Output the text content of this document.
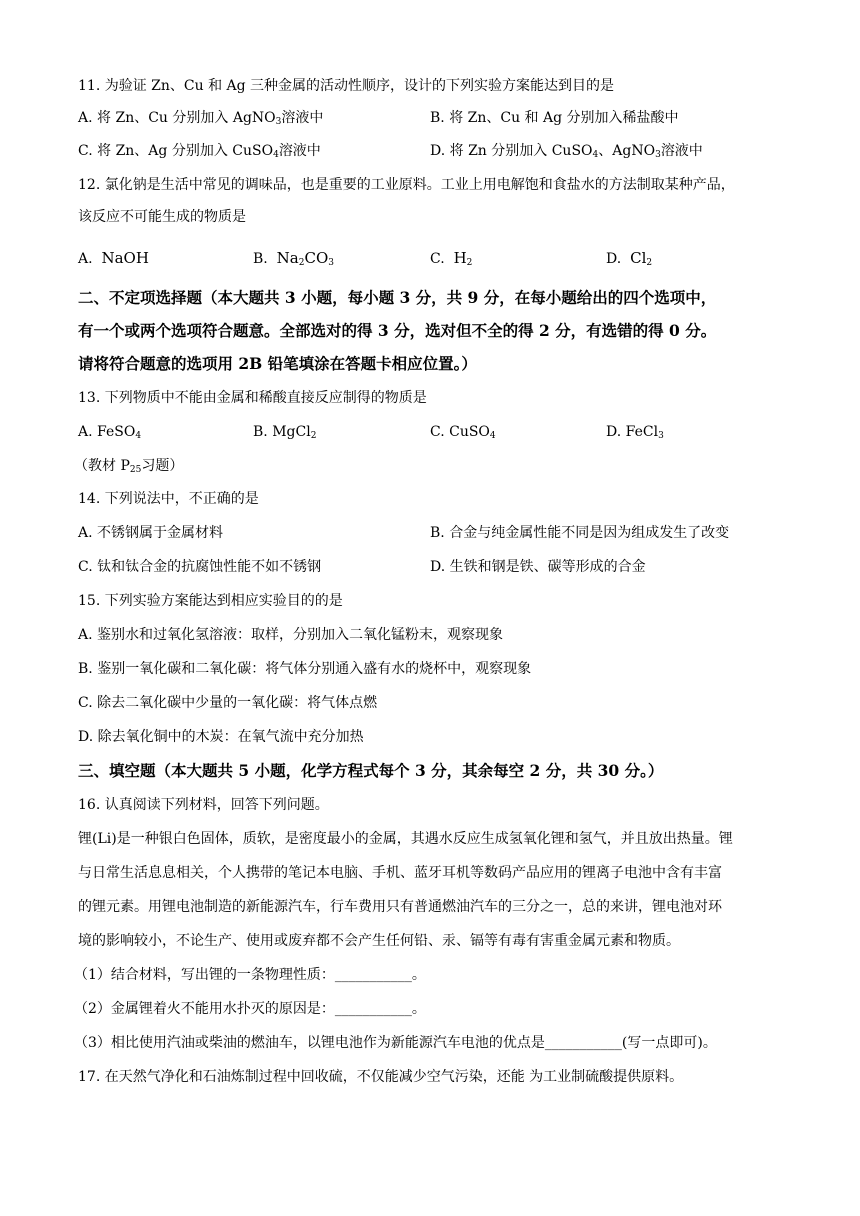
11. 为验证 Zn、Cu 和 Ag 三种金属的活动性顺序，设计的下列实验方案能达到目的是
A. 将 Zn、Cu 分别加入 AgNO$_3$溶液中	B. 将 Zn、Cu 和 Ag 分别加入稀盐酸中
C. 将 Zn、Ag 分别加入 CuSO$_4$溶液中	D. 将 Zn 分别加入 CuSO$_4$、AgNO$_3$溶液中
12. 氯化钠是生活中常见的调味品，也是重要的工业原料。工业上用电解饱和食盐水的方法制取某种产品，
该反应不可能生成的物质是
A. NaOH	B. $Na_2CO_3$	C. $H_2$	D. $Cl_2$
二、不定项选择题（本大题共 3 小题，每小题 3 分，共 9 分，在每小题给出的四个选项中，
有一个或两个选项符合题意。全部选对的得 3 分，选对但不全的得 2 分，有选错的得 0 分。
请将符合题意的选项用 2B 铅笔填涂在答题卡相应位置。）
13. 下列物质中不能由金属和稀酸直接反应制得的物质是
A. FeSO$_4$	B. MgCl$_2$	C. CuSO$_4$	D. FeCl$_3$
（教材 $P_{25}$习题）
14. 下列说法中，不正确的是
A. 不锈钢属于金属材料	B. 合金与纯金属性能不同是因为组成发生了改变
C. 钛和钛合金的抗腐蚀性能不如不锈钢	D. 生铁和钢是铁、碳等形成的合金
15. 下列实验方案能达到相应实验目的的是
A. 鉴别水和过氧化氢溶液：取样，分别加入二氧化锰粉末，观察现象
B. 鉴别一氧化碳和二氧化碳：将气体分别通入盛有水的烧杯中，观察现象
C. 除去二氧化碳中少量的一氧化碳：将气体点燃
D. 除去氧化铜中的木炭：在氧气流中充分加热
三、填空题（本大题共 5 小题，化学方程式每个 3 分，其余每空 2 分，共 30 分。）
16. 认真阅读下列材料，回答下列问题。
锂(Li)是一种银白色固体，质软，是密度最小的金属，其遇水反应生成氢氧化锂和氢气，并且放出热量。锂
与日常生活息息相关，个人携带的笔记本电脑、手机、蓝牙耳机等数码产品应用的锂离子电池中含有丰富
的锂元素。用锂电池制造的新能源汽车，行车费用只有普通燃油汽车的三分之一，总的来讲，锂电池对环
境的影响较小，不论生产、使用或废弃都不会产生任何铅、汞、镉等有毒有害重金属元素和物质。
（1）结合材料，写出锂的一条物理性质：___________。
（2）金属锂着火不能用水扑灭的原因是：___________。
（3）相比使用汽油或柴油的燃油车，以锂电池作为新能源汽车电池的优点是___________(写一点即可)。
17. 在天然气净化和石油炼制过程中回收硫，不仅能减少空气污染，还能 为工业制硫酸提供原料。
